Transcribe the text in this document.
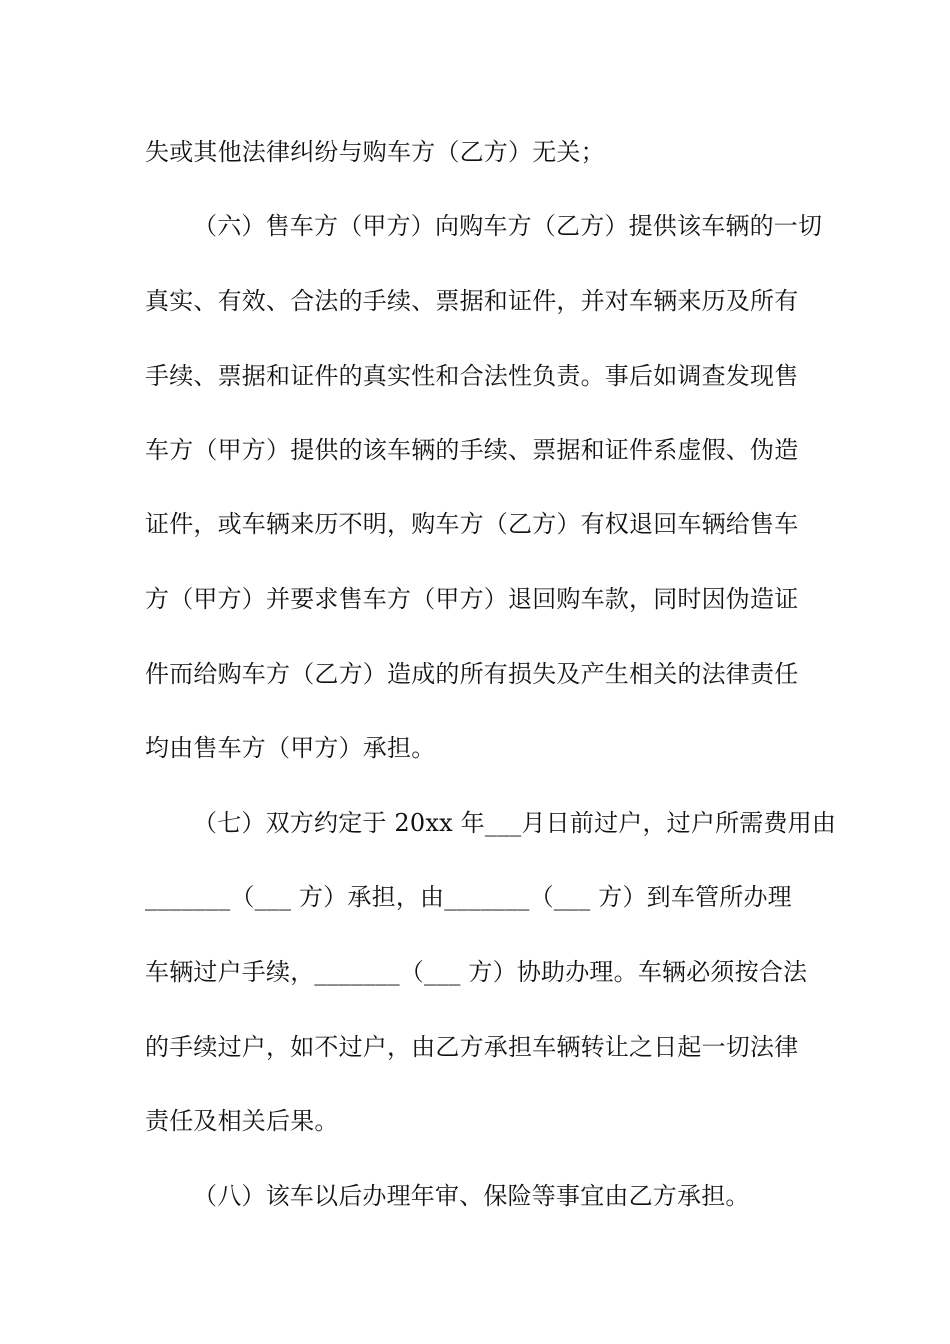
失或其他法律纠纷与购车方（乙方）无关；
（六）售车方（甲方）向购车方（乙方）提供该车辆的一切
真实、有效、合法的手续、票据和证件，并对车辆来历及所有
手续、票据和证件的真实性和合法性负责。事后如调查发现售
车方（甲方）提供的该车辆的手续、票据和证件系虚假、伪造
证件，或车辆来历不明，购车方（乙方）有权退回车辆给售车
方（甲方）并要求售车方（甲方）退回购车款，同时因伪造证
件而给购车方（乙方）造成的所有损失及产生相关的法律责任
均由售车方（甲方）承担。
（七）双方约定于 20xx 年___月日前过户，过户所需费用由
_______（___ 方）承担，由_______（___ 方）到车管所办理
车辆过户手续，_______（___ 方）协助办理。车辆必须按合法
的手续过户，如不过户，由乙方承担车辆转让之日起一切法律
责任及相关后果。
（八）该车以后办理年审、保险等事宜由乙方承担。
